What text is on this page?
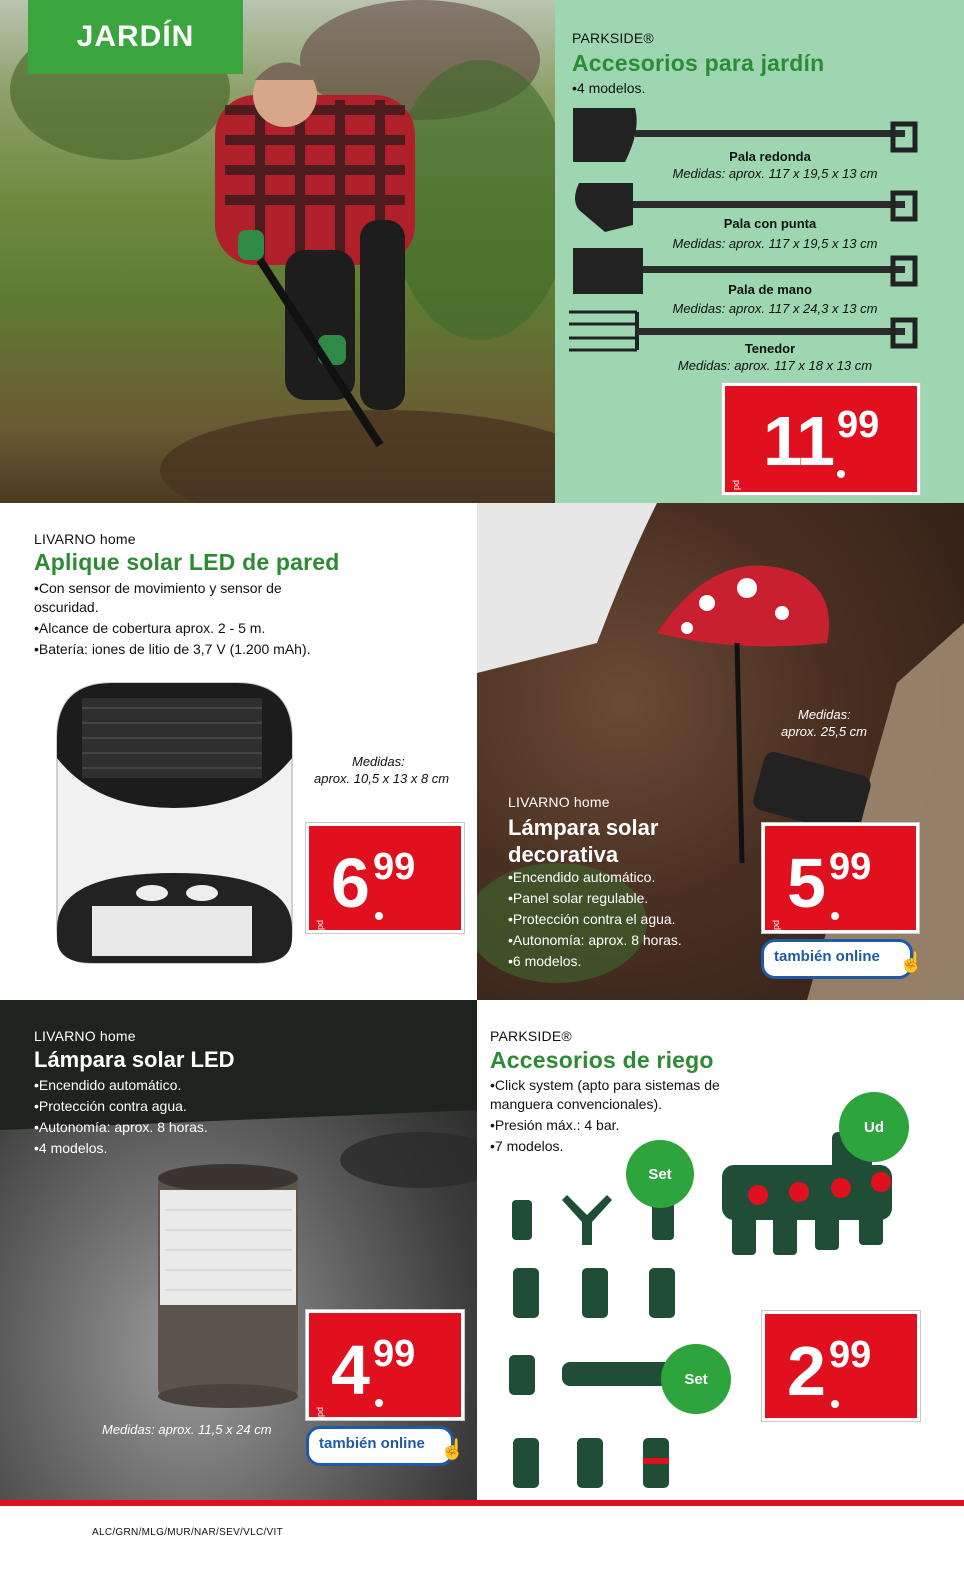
JARDÍN	PARKSIDE®
Accesorios para jardín
• 4 modelos.
Pala redonda
Medidas: aprox. 117 x 19,5 x 13 cm
Pala con punta
Medidas: aprox. 117 x 19,5 x 13 cm
Pala de mano
Medidas: aprox. 117 x 24,3 x 13 cm
Tenedor
Medidas: aprox. 117 x 18 x 13 cm
11 99
pd
LIVARNO home
Aplique solar LED de pared
• Con sensor de movimiento y sensor de oscuridad.
• Alcance de cobertura aprox. 2 - 5 m.
• Batería: iones de litio de 3,7 V (1.200 mAh).
Medidas:
aprox. 10,5 x 13 x 8 cm
6 99
pd
Medidas:
aprox. 25,5 cm
LIVARNO home
Lámpara solar
decorativa
• Encendido automático.
• Panel solar regulable.
• Protección contra el agua.
• Autonomía: aprox. 8 horas.
• 6 modelos.
5 99
pd
también online ☝
LIVARNO home
Lámpara solar LED
• Encendido automático.
• Protección contra agua.
• Autonomía: aprox. 8 horas.
• 4 modelos.
Medidas: aprox. 11,5 x 24 cm
4 99
pd
también online ☝
PARKSIDE®
Accesorios de riego
• Click system (apto para sistemas de manguera convencionales).
• Presión máx.: 4 bar.
• 7 modelos.
Set
Ud
Set	2 99
ALC/GRN/MLG/MUR/NAR/SEV/VLC/VIT
